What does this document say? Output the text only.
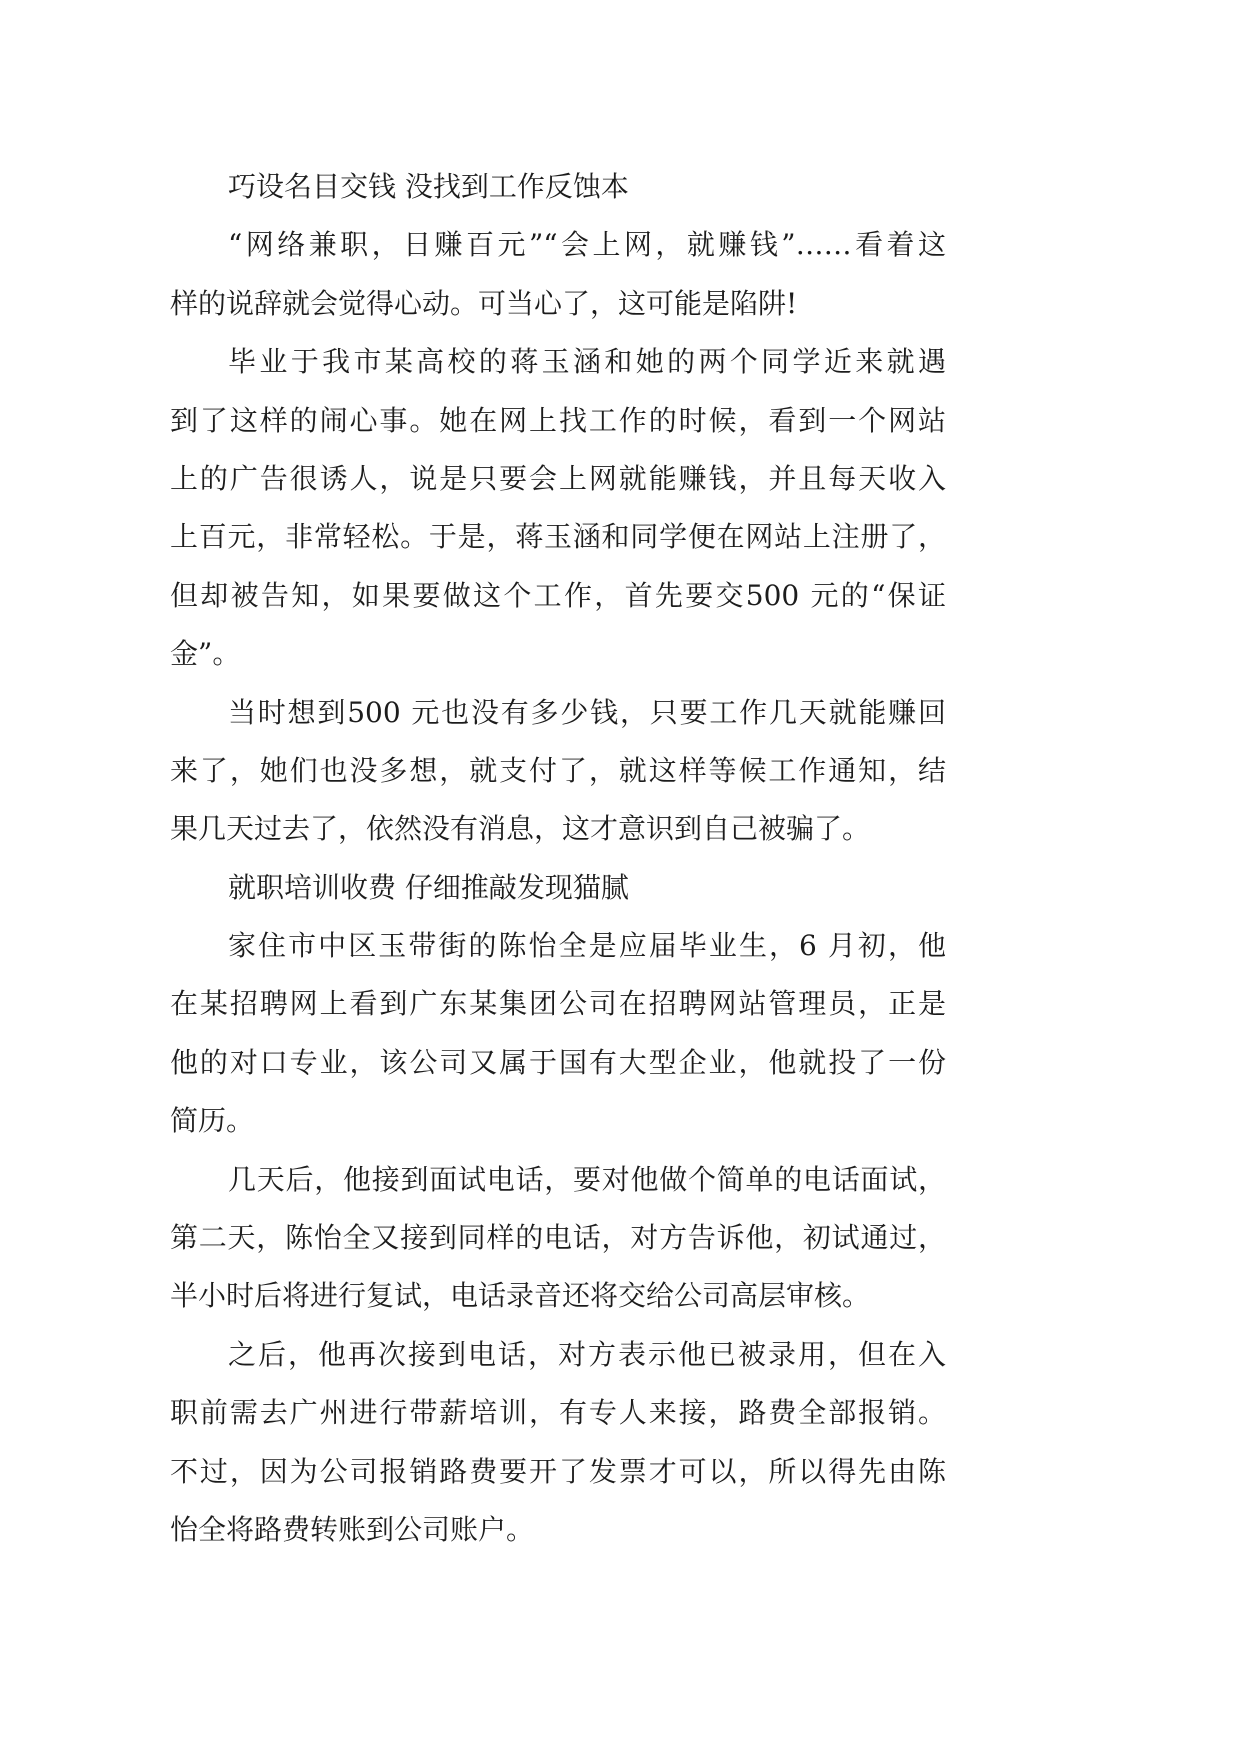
巧设名目交钱 没找到工作反蚀本
“网络兼职，日赚百元”“会上网，就赚钱”……看着这
样的说辞就会觉得心动。可当心了，这可能是陷阱!
毕业于我市某高校的蒋玉涵和她的两个同学近来就遇
到了这样的闹心事。她在网上找工作的时候，看到一个网站
上的广告很诱人，说是只要会上网就能赚钱，并且每天收入
上百元，非常轻松。于是，蒋玉涵和同学便在网站上注册了，
但却被告知，如果要做这个工作，首先要交500 元的“保证
金”。
当时想到500 元也没有多少钱，只要工作几天就能赚回
来了，她们也没多想，就支付了，就这样等候工作通知，结
果几天过去了，依然没有消息，这才意识到自己被骗了。
就职培训收费 仔细推敲发现猫腻
家住市中区玉带街的陈怡全是应届毕业生，6 月初，他
在某招聘网上看到广东某集团公司在招聘网站管理员，正是
他的对口专业，该公司又属于国有大型企业，他就投了一份
简历。
几天后，他接到面试电话，要对他做个简单的电话面试，
第二天，陈怡全又接到同样的电话，对方告诉他，初试通过，
半小时后将进行复试，电话录音还将交给公司高层审核。
之后，他再次接到电话，对方表示他已被录用，但在入
职前需去广州进行带薪培训，有专人来接，路费全部报销。
不过，因为公司报销路费要开了发票才可以，所以得先由陈
怡全将路费转账到公司账户。
